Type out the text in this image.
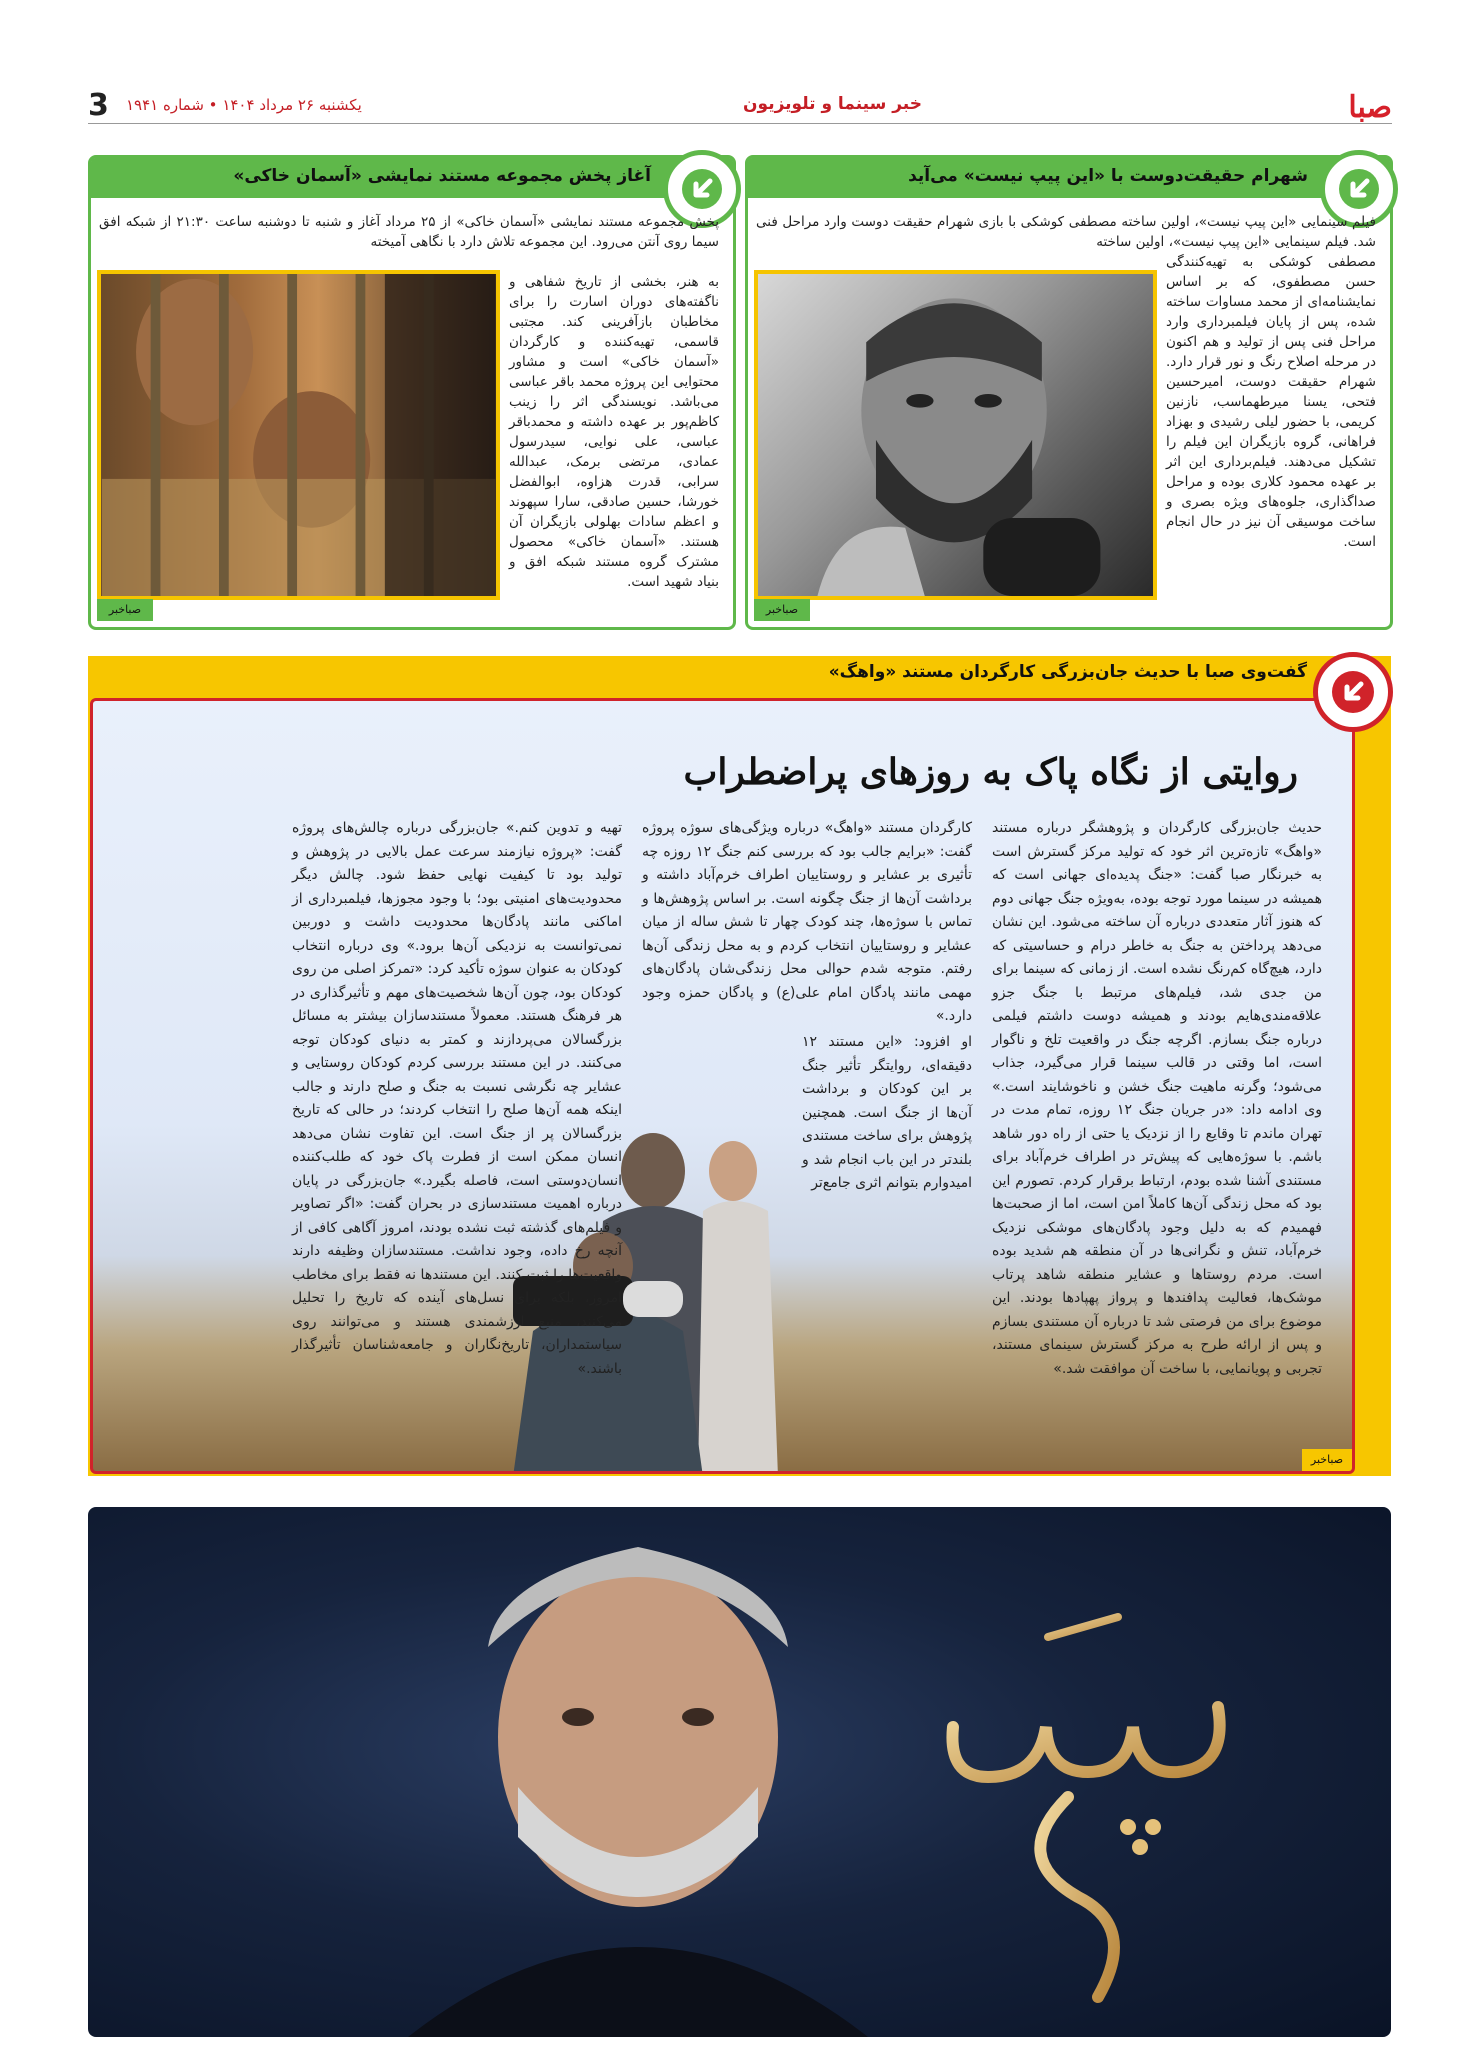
صبا
خبر سینما و تلویزیون
یکشنبه ۲۶ مرداد ۱۴۰۴ • شماره ۱۹۴۱
3
شهرام حقیقت‌دوست با «این پیپ نیست» می‌آید
فیلم سینمایی «این پیپ نیست»، اولین ساخته مصطفی کوشکی با بازی شهرام حقیقت دوست وارد مراحل فنی شد. فیلم سینمایی «این پیپ نیست»، اولین ساخته
مصطفی کوشکی به تهیه‌کنندگی حسن مصطفوی، که بر اساس نمایشنامه‌ای از محمد مساوات ساخته شده، پس از پایان فیلمبرداری وارد مراحل فنی پس از تولید و هم اکنون در مرحله اصلاح رنگ و نور قرار دارد. شهرام حقیقت دوست، امیرحسین فتحی، یسنا میرطهماسب، نازنین کریمی، با حضور لیلی رشیدی و بهزاد فراهانی، گروه بازیگران این فیلم را تشکیل می‌دهند. فیلم‌برداری این اثر بر عهده محمود کلاری بوده و مراحل صداگذاری، جلوه‌های ویژه بصری و ساخت موسیقی آن نیز در حال انجام است.
صباخبر
آغاز پخش مجموعه مستند نمایشی «آسمان خاکی»
پخش مجموعه مستند نمایشی «آسمان خاکی» از ۲۵ مرداد آغاز و شنبه تا دوشنبه ساعت ۲۱:۳۰ از شبکه افق سیما روی آنتن می‌رود. این مجموعه تلاش دارد با نگاهی آمیخته
به هنر، بخشی از تاریخ شفاهی و ناگفته‌های دوران اسارت را برای مخاطبان بازآفرینی کند. مجتبی قاسمی، تهیه‌کننده و کارگردان «آسمان خاکی» است و مشاور محتوایی این پروژه محمد باقر عباسی می‌باشد. نویسندگی اثر را زینب کاظم‌پور بر عهده داشته و محمدباقر عباسی، علی نوایی، سیدرسول عمادی، مرتضی برمک، عبدالله سرابی، قدرت هزاوه، ابوالفضل خورشا، حسین صادقی، سارا سپهوند و اعظم سادات بهلولی بازیگران آن هستند. «آسمان خاکی» محصول مشترک گروه مستند شبکه افق و بنیاد شهید است.
صباخبر
گفت‌وی صبا با حدیث جان‌بزرگی کارگردان مستند «واهگ»
روایتی از نگاه پاک به روزهای پراضطراب
حدیث جان‌بزرگی کارگردان و پژوهشگر درباره مستند «واهگ» تازه‌ترین اثر خود که تولید مرکز گسترش است به خبرنگار صبا گفت: «جنگ پدیده‌ای جهانی است که همیشه در سینما مورد توجه بوده، به‌ویژه جنگ جهانی دوم که هنوز آثار متعددی درباره آن ساخته می‌شود. این نشان می‌دهد پرداختن به جنگ به خاطر درام و حساسیتی که دارد، هیچ‌گاه کم‌رنگ نشده است. از زمانی که سینما برای من جدی شد، فیلم‌های مرتبط با جنگ جزو علاقه‌مندی‌هایم بودند و همیشه دوست داشتم فیلمی درباره جنگ بسازم. اگرچه جنگ در واقعیت تلخ و ناگوار است، اما وقتی در قالب سینما قرار می‌گیرد، جذاب می‌شود؛ وگرنه ماهیت جنگ خشن و ناخوشایند است.» وی ادامه داد: «در جریان جنگ ۱۲ روزه، تمام مدت در تهران ماندم تا وقایع را از نزدیک یا حتی از راه دور شاهد باشم. با سوژه‌هایی که پیش‌تر در اطراف خرم‌آباد برای مستندی آشنا شده بودم، ارتباط برقرار کردم. تصورم این بود که محل زندگی آن‌ها کاملاً امن است، اما از صحبت‌ها فهمیدم که به دلیل وجود پادگان‌های موشکی نزدیک خرم‌آباد، تنش و نگرانی‌ها در آن منطقه هم شدید بوده است. مردم روستاها و عشایر منطقه شاهد پرتاب موشک‌ها، فعالیت پدافندها و پرواز پهپادها بودند. این موضوع برای من فرصتی شد تا درباره آن مستندی بسازم و پس از ارائه طرح به مرکز گسترش سینمای مستند، تجربی و پویانمایی، با ساخت آن موافقت شد.»
کارگردان مستند «واهگ» درباره ویژگی‌های سوژه پروژه گفت: «برایم جالب بود که بررسی کنم جنگ ۱۲ روزه چه تأثیری بر عشایر و روستاییان اطراف خرم‌آباد داشته و برداشت آن‌ها از جنگ چگونه است. بر اساس پژوهش‌ها و تماس با سوژه‌ها، چند کودک چهار تا شش ساله از میان عشایر و روستاییان انتخاب کردم و به محل زندگی آن‌ها رفتم. متوجه شدم حوالی محل زندگی‌شان پادگان‌های مهمی مانند پادگان امام علی(ع) و پادگان حمزه وجود دارد.»
او افزود: «این مستند ۱۲ دقیقه‌ای، روایتگر تأثیر جنگ بر این کودکان و برداشت آن‌ها از جنگ است. همچنین پژوهش برای ساخت مستندی بلندتر در این باب انجام شد و امیدوارم بتوانم اثری جامع‌تر
تهیه و تدوین کنم.» جان‌بزرگی درباره چالش‌های پروژه گفت: «پروژه نیازمند سرعت عمل بالایی در پژوهش و تولید بود تا کیفیت نهایی حفظ شود. چالش دیگر محدودیت‌های امنیتی بود؛ با وجود مجوزها، فیلمبرداری از اماکنی مانند پادگان‌ها محدودیت داشت و دوربین نمی‌توانست به نزدیکی آن‌ها برود.» وی درباره انتخاب کودکان به عنوان سوژه تأکید کرد: «تمرکز اصلی من روی کودکان بود، چون آن‌ها شخصیت‌های مهم و تأثیرگذاری در هر فرهنگ هستند. معمولاً مستندسازان بیشتر به مسائل بزرگسالان می‌پردازند و کمتر به دنیای کودکان توجه می‌کنند. در این مستند بررسی کردم کودکان روستایی و عشایر چه نگرشی نسبت به جنگ و صلح دارند و جالب اینکه همه آن‌ها صلح را انتخاب کردند؛ در حالی که تاریخ بزرگسالان پر از جنگ است. این تفاوت نشان می‌دهد انسان ممکن است از فطرت پاک خود که طلب‌کننده انسان‌دوستی است، فاصله بگیرد.» جان‌بزرگی در پایان درباره اهمیت مستندسازی در بحران گفت: «اگر تصاویر و فیلم‌های گذشته ثبت نشده بودند، امروز آگاهی کافی از آنچه رخ داده، وجود نداشت. مستندسازان وظیفه دارند واقعیت‌ها را ثبت کنند. این مستندها نه فقط برای مخاطب امروز، بلکه برای نسل‌های آینده که تاریخ را تحلیل می‌کنند، منبع ارزشمندی هستند و می‌توانند روی سیاستمداران، تاریخ‌نگاران و جامعه‌شناسان تأثیرگذار باشند.»
صباخبر
